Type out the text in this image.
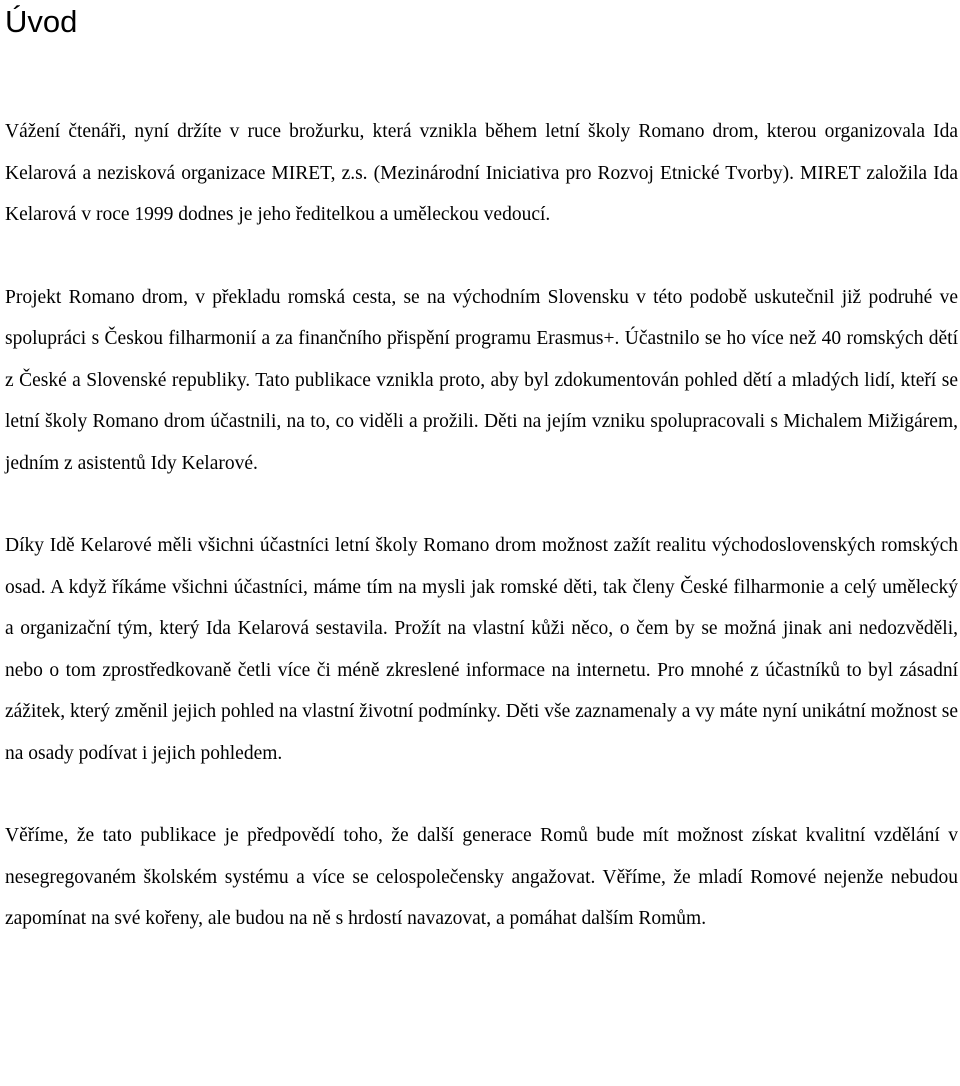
Úvod

Vážení čtenáři, nyní držíte v ruce brožurku, která vznikla během letní školy Romano drom, kterou organizovala Ida Kelarová a nezisková organizace MIRET, z.s. (Mezinárodní Iniciativa pro Rozvoj Etnické Tvorby). MIRET založila Ida Kelarová v roce 1999 dodnes je jeho ředitelkou a uměleckou vedoucí.

Projekt Romano drom, v překladu romská cesta, se na východním Slovensku v této podobě uskutečnil již podruhé ve spolupráci s Českou filharmonií a za finančního přispění programu Erasmus+. Účastnilo se ho více než 40 romských dětí z České a Slovenské republiky. Tato publikace vznikla proto, aby byl zdokumentován pohled dětí a mladých lidí, kteří se letní školy Romano drom účastnili, na to, co viděli a prožili. Děti na jejím vzniku spolupracovali s Michalem Mižigárem, jedním z asistentů Idy Kelarové.

Díky Idě Kelarové měli všichni účastníci letní školy Romano drom možnost zažít realitu východoslovenských romských osad. A když říkáme všichni účastníci, máme tím na mysli jak romské děti, tak členy České filharmonie a celý umělecký a organizační tým, který Ida Kelarová sestavila. Prožít na vlastní kůži něco, o čem by se možná jinak ani nedozvěděli, nebo o tom zprostředkovaně četli více či méně zkreslené informace na internetu. Pro mnohé z účastníků to byl zásadní zážitek, který změnil jejich pohled na vlastní životní podmínky. Děti vše zaznamenaly a vy máte nyní unikátní možnost se na osady podívat i jejich pohledem.

Věříme, že tato publikace je předpovědí toho, že další generace Romů bude mít možnost získat kvalitní vzdělání v nesegregovaném školském systému a více se celospolečensky angažovat. Věříme, že mladí Romové nejenže nebudou zapomínat na své kořeny, ale budou na ně s hrdostí navazovat, a pomáhat dalším Romům.
